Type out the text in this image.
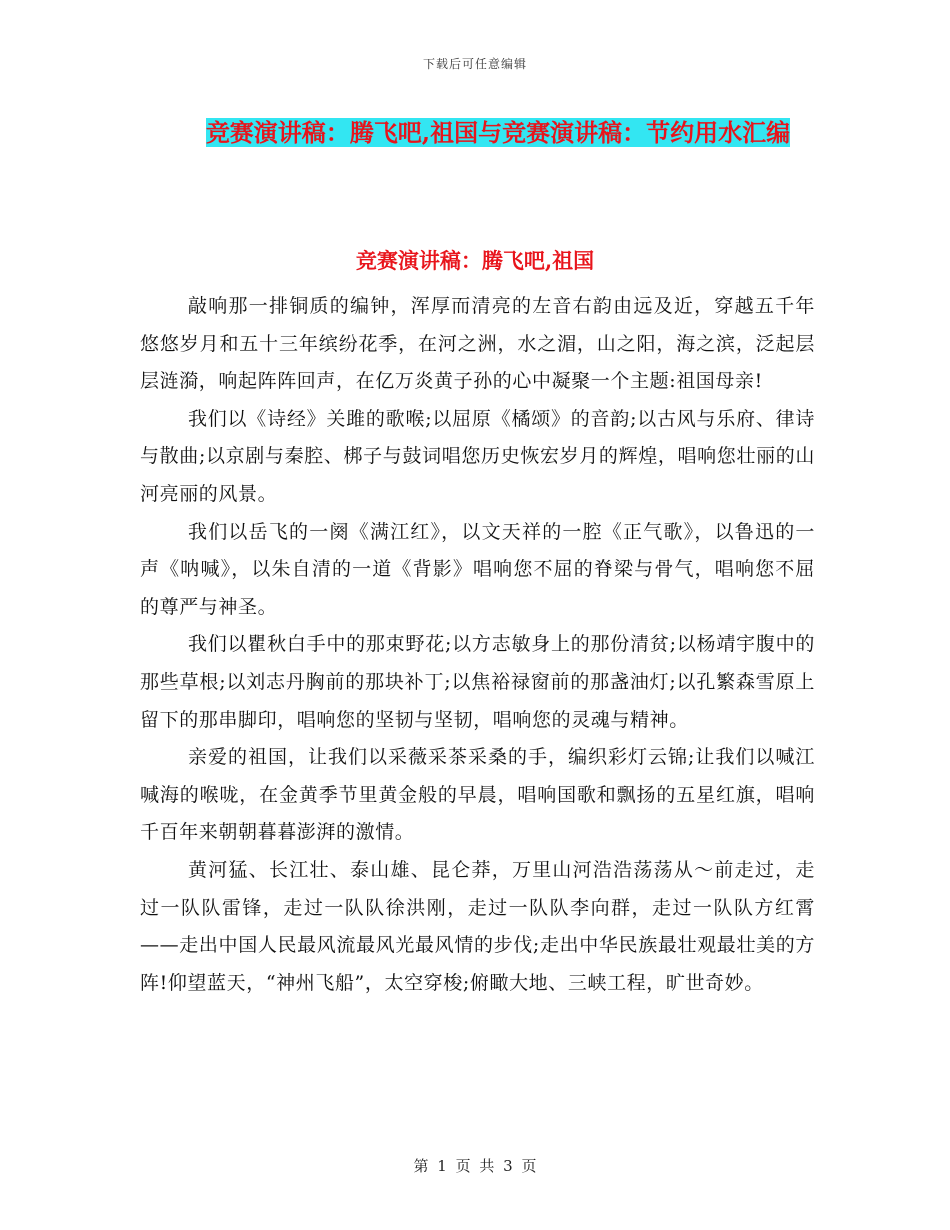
下载后可任意编辑
竞赛演讲稿：腾飞吧,祖国与竞赛演讲稿：节约用水汇编
竞赛演讲稿：腾飞吧,祖国

敲响那一排铜质的编钟，浑厚而清亮的左音右韵由远及近，穿越五千年悠悠岁月和五十三年缤纷花季，在河之洲，水之湄，山之阳，海之滨，泛起层层涟漪，响起阵阵回声，在亿万炎黄子孙的心中凝聚一个主题:祖国母亲!

我们以《诗经》关雎的歌喉;以屈原《橘颂》的音韵;以古风与乐府、律诗与散曲;以京剧与秦腔、梆子与鼓词唱您历史恢宏岁月的辉煌，唱响您壮丽的山河亮丽的风景。

我们以岳飞的一阕《满江红》，以文天祥的一腔《正气歌》，以鲁迅的一声《呐喊》，以朱自清的一道《背影》唱响您不屈的脊梁与骨气，唱响您不屈的尊严与神圣。

我们以瞿秋白手中的那束野花;以方志敏身上的那份清贫;以杨靖宇腹中的那些草根;以刘志丹胸前的那块补丁;以焦裕禄窗前的那盏油灯;以孔繁森雪原上留下的那串脚印，唱响您的坚韧与坚韧，唱响您的灵魂与精神。

亲爱的祖国，让我们以采薇采茶采桑的手，编织彩灯云锦;让我们以喊江喊海的喉咙，在金黄季节里黄金般的早晨，唱响国歌和飘扬的五星红旗，唱响千百年来朝朝暮暮澎湃的激情。

黄河猛、长江壮、泰山雄、昆仑莽，万里山河浩浩荡荡从～前走过，走过一队队雷锋，走过一队队徐洪刚，走过一队队李向群，走过一队队方红霄——走出中国人民最风流最风光最风情的步伐;走出中华民族最壮观最壮美的方阵!仰望蓝天，“神州飞船”，太空穿梭;俯瞰大地、三峡工程，旷世奇妙。

第 1 页 共 3 页
